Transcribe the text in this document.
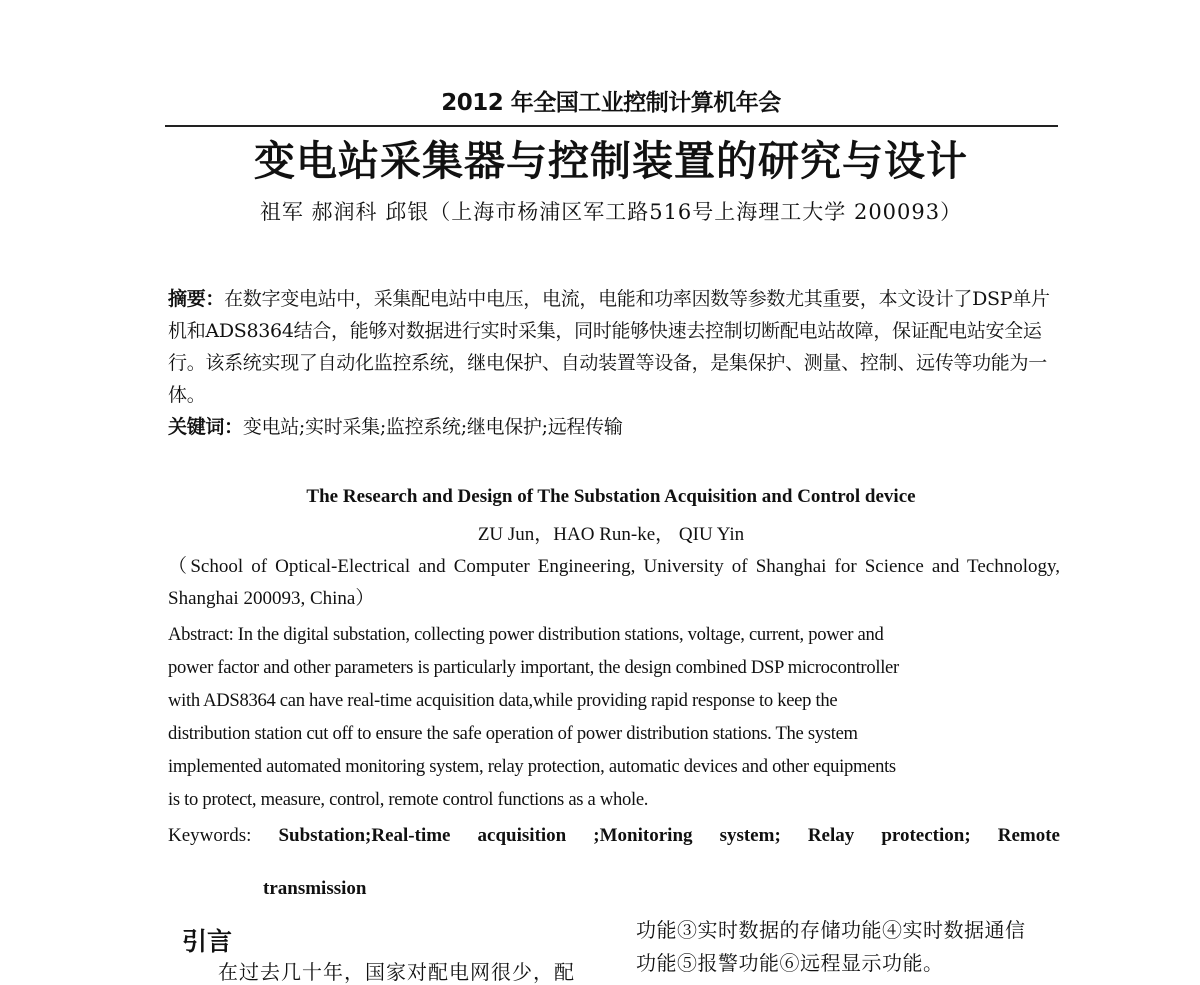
2012 年全国工业控制计算机年会
变电站采集器与控制装置的研究与设计
祖军 郝润科 邱银（上海市杨浦区军工路516号上海理工大学 200093）

摘要：在数字变电站中，采集配电站中电压，电流，电能和功率因数等参数尤其重要，本文设计了DSP单片机和ADS8364结合，能够对数据进行实时采集，同时能够快速去控制切断配电站故障，保证配电站安全运行。该系统实现了自动化监控系统，继电保护、自动装置等设备，是集保护、测量、控制、远传等功能为一体。

关键词：变电站;实时采集;监控系统;继电保护;远程传输

The Research and Design of The Substation Acquisition and Control device
ZU Jun，HAO Run-ke， QIU Yin
（School of Optical-Electrical and Computer Engineering, University of Shanghai for Science and Technology, Shanghai 200093, China）

Abstract: In the digital substation, collecting power distribution stations, voltage, current, power and

power factor and other parameters is particularly important, the design combined DSP microcontroller

with ADS8364 can have real-time acquisition data,while providing rapid response to keep the

distribution station cut off to ensure the safe operation of power distribution stations. The system

implemented automated monitoring system, relay protection, automatic devices and other equipments

is to protect, measure, control, remote control functions as a whole.

Keywords: Substation;Real-time acquisition ;Monitoring system; Relay protection; Remote
transmission
引言
在过去几十年，国家对配电网很少，配

功能③实时数据的存储功能④实时数据通信

功能⑤报警功能⑥远程显示功能。
